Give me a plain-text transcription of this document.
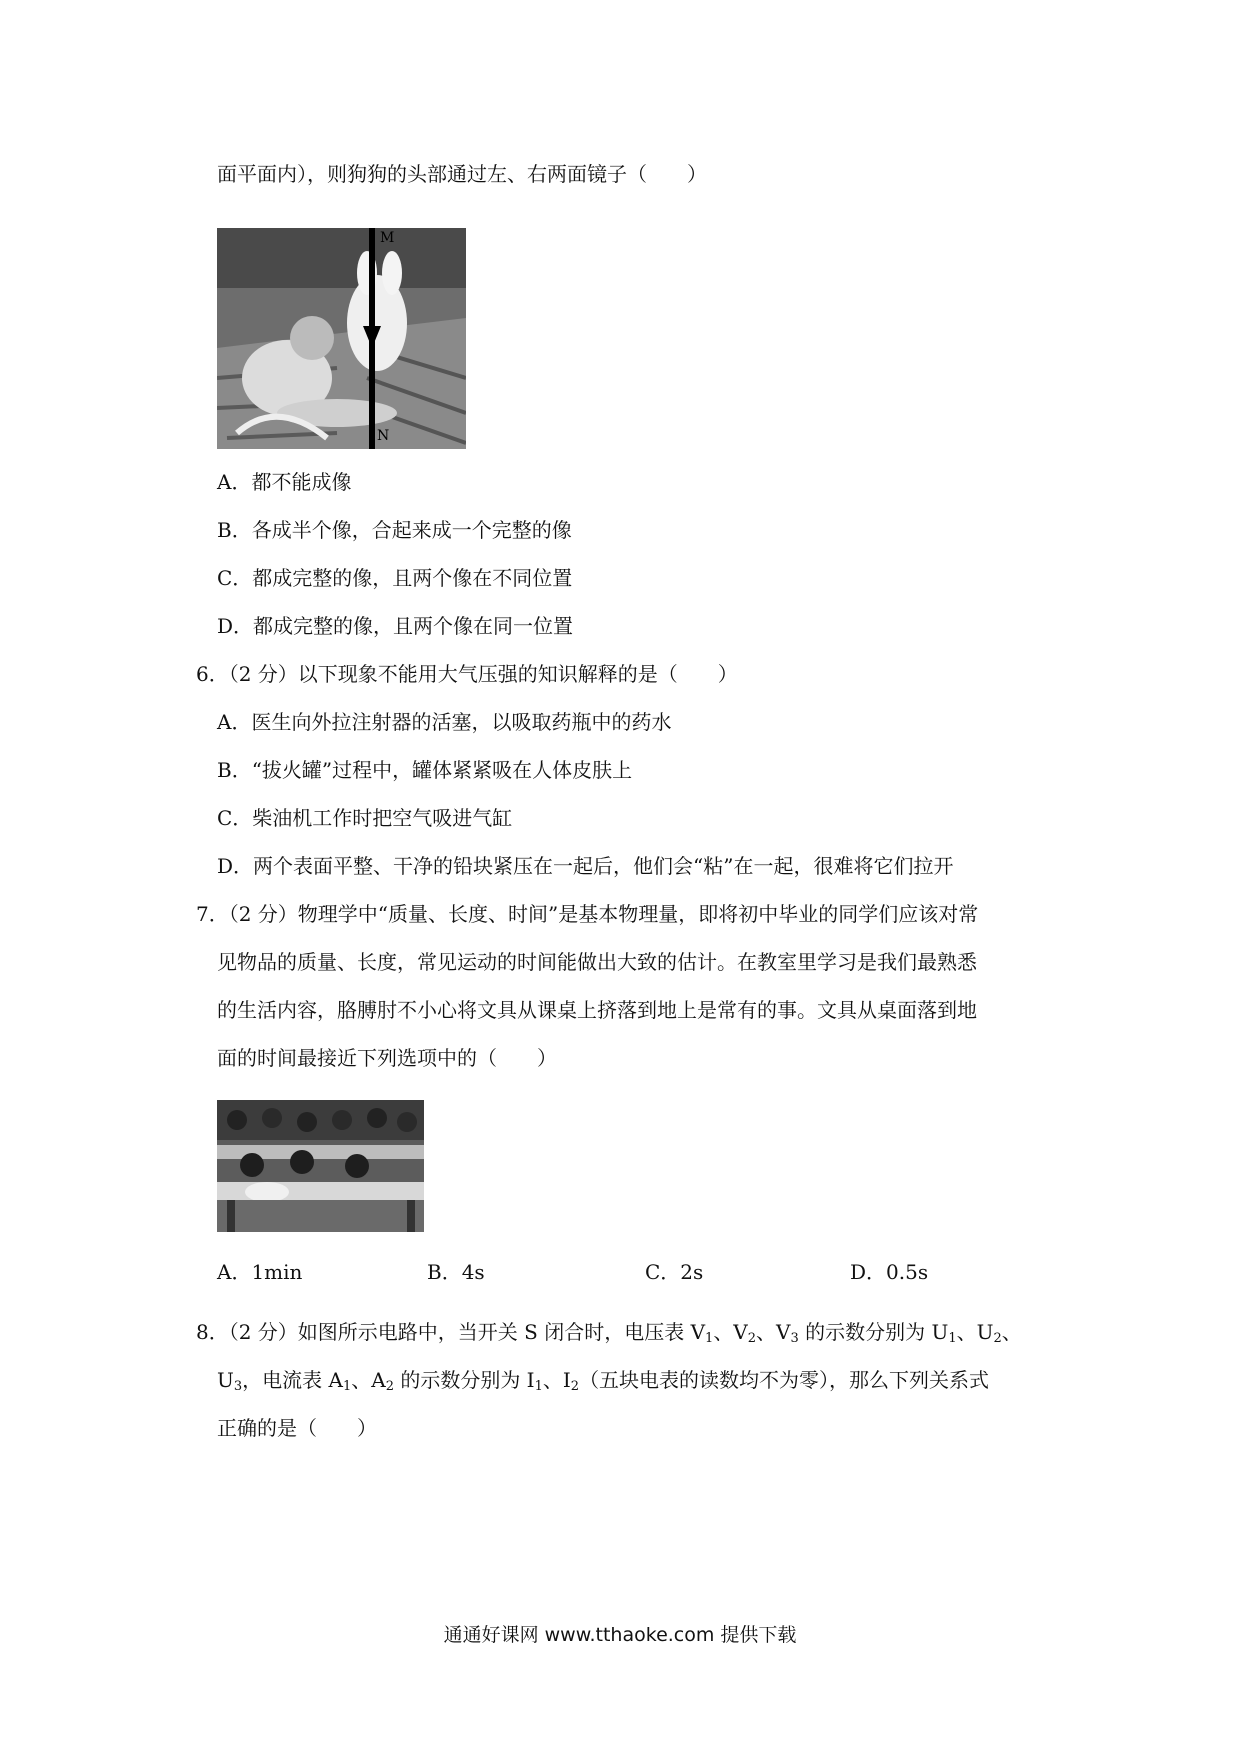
面平面内），则狗狗的头部通过左、右两面镜子（　　）
M
N
A．都不能成像
B．各成半个像，合起来成一个完整的像
C．都成完整的像，且两个像在不同位置
D．都成完整的像，且两个像在同一位置
6．（2 分）以下现象不能用大气压强的知识解释的是（　　）
A．医生向外拉注射器的活塞，以吸取药瓶中的药水
B．“拔火罐”过程中，罐体紧紧吸在人体皮肤上
C．柴油机工作时把空气吸进气缸
D．两个表面平整、干净的铅块紧压在一起后，他们会“粘”在一起，很难将它们拉开
7．（2 分）物理学中“质量、长度、时间”是基本物理量，即将初中毕业的同学们应该对常
见物品的质量、长度，常见运动的时间能做出大致的估计。在教室里学习是我们最熟悉
的生活内容，胳膊肘不小心将文具从课桌上挤落到地上是常有的事。文具从桌面落到地
面的时间最接近下列选项中的（　　）
A．1min	B．4s	C．2s	D．0.5s
8．（2 分）如图所示电路中，当开关 S 闭合时，电压表 $V_1$、$V_2$、$V_3$ 的示数分别为 $U_1$、$U_2$、
$U_3$，电流表 $A_1$、$A_2$ 的示数分别为 $I_1$、$I_2$（五块电表的读数均不为零），那么下列关系式
正确的是（　　）
通通好课网 www.tthaoke.com 提供下载
